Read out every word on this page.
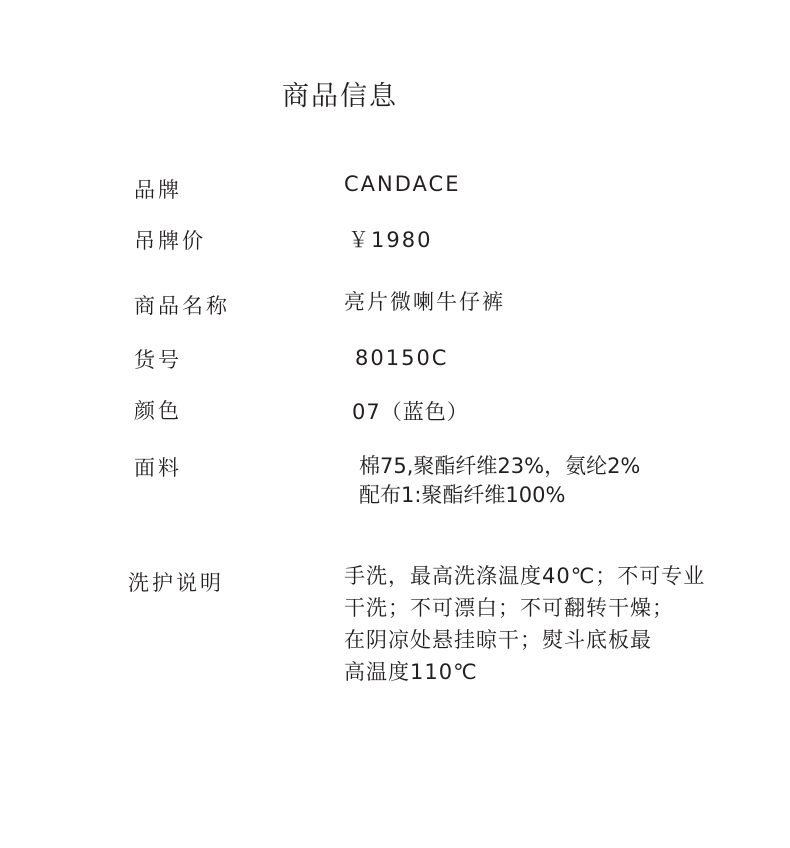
商品信息
品牌	CANDACE
吊牌价	￥1980
商品名称	亮片微喇牛仔裤
货号	80150C
颜色	07（蓝色）
面料	棉75,聚酯纤维23%，氨纶2%
配布1:聚酯纤维100%
洗护说明	手洗，最高洗涤温度40℃；不可专业
干洗；不可漂白；不可翻转干燥；
在阴凉处悬挂晾干；熨斗底板最
高温度110℃
